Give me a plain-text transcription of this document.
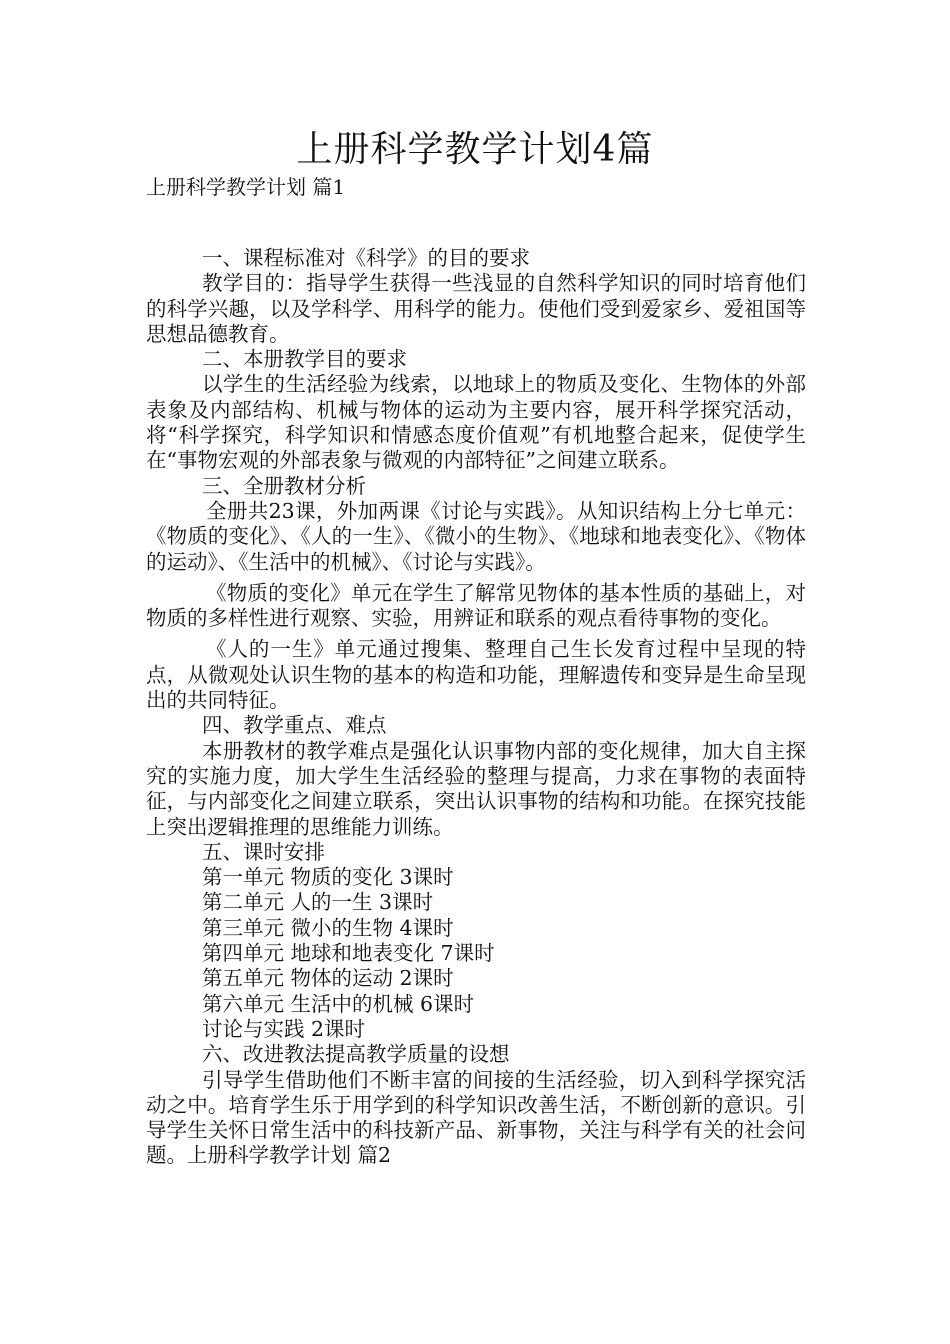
上册科学教学计划4篇
上册科学教学计划 篇1

一、课程标准对《科学》的目的要求

教学目的：指导学生获得一些浅显的自然科学知识的同时培育他们的科学兴趣，以及学科学、用科学的能力。使他们受到爱家乡、爱祖国等思想品德教育。

二、本册教学目的要求

以学生的生活经验为线索，以地球上的物质及变化、生物体的外部表象及内部结构、机械与物体的运动为主要内容，展开科学探究活动，将“科学探究，科学知识和情感态度价值观”有机地整合起来，促使学生在“事物宏观的外部表象与微观的内部特征”之间建立联系。

三、全册教材分析

全册共23课，外加两课《讨论与实践》。从知识结构上分七单元：《物质的变化》、《人的一生》、《微小的生物》、《地球和地表变化》、《物体的运动》、《生活中的机械》、《讨论与实践》。

《物质的变化》单元在学生了解常见物体的基本性质的基础上，对物质的多样性进行观察、实验，用辨证和联系的观点看待事物的变化。

《人的一生》单元通过搜集、整理自己生长发育过程中呈现的特点，从微观处认识生物的基本的构造和功能，理解遗传和变异是生命呈现出的共同特征。

四、教学重点、难点

本册教材的教学难点是强化认识事物内部的变化规律，加大自主探究的实施力度，加大学生生活经验的整理与提高，力求在事物的表面特征，与内部变化之间建立联系，突出认识事物的结构和功能。在探究技能上突出逻辑推理的思维能力训练。

五、课时安排

第一单元 物质的变化 3课时

第二单元 人的一生 3课时

第三单元 微小的生物 4课时

第四单元 地球和地表变化 7课时

第五单元 物体的运动 2课时

第六单元 生活中的机械 6课时

讨论与实践 2课时

六、改进教法提高教学质量的设想

引导学生借助他们不断丰富的间接的生活经验，切入到科学探究活动之中。培育学生乐于用学到的科学知识改善生活，不断创新的意识。引导学生关怀日常生活中的科技新产品、新事物，关注与科学有关的社会问题。上册科学教学计划 篇2
